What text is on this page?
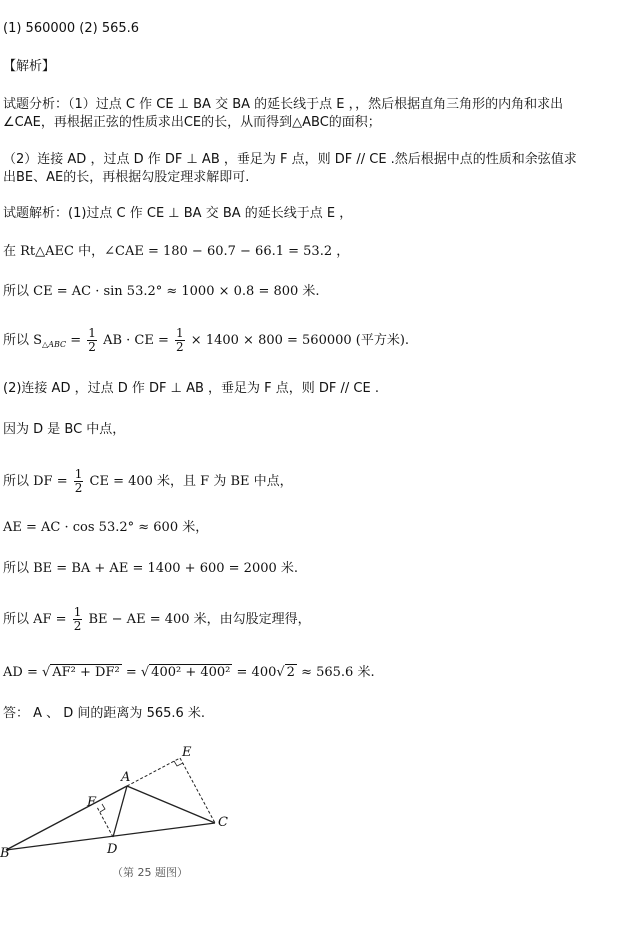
(1) 560000 (2) 565.6
【解析】
试题分析：（1）过点 C 作 CE ⊥ BA 交 BA 的延长线于点 E ，，然后根据直角三角形的内角和求出
∠CAE，再根据正弦的性质求出CE的长，从而得到△ABC的面积；
（2）连接 AD ，过点 D 作 DF ⊥ AB ，垂足为 F 点，则 DF // CE .然后根据中点的性质和余弦值求
出BE、AE的长，再根据勾股定理求解即可.
试题解析：(1)过点 C 作 CE ⊥ BA 交 BA 的延长线于点 E ，
在 Rt△AEC 中，∠CAE = 180 − 60.7 − 66.1 = 53.2 ，
所以 CE = AC · sin 53.2° ≈ 1000 × 0.8 = 800 米.
所以 $S_{\triangle ABC} = \frac{1}{2}$ AB · CE = $\frac{1}{2} \times 1400 \times 800 = 560000$ (平方米).
(2)连接 AD ，过点 D 作 DF ⊥ AB ，垂足为 F 点，则 DF // CE .
因为 D 是 BC 中点，
所以 DF = $\frac{1}{2}$ CE = 400 米，且 F 为 BE 中点，
AE = AC · cos 53.2° ≈ 600 米，
所以 BE = BA + AE = 1400 + 600 = 2000 米.
所以 AF = $\frac{1}{2}$ BE − AE = 400 米，由勾股定理得，
AD = √ AF² + DF² = √ 400² + 400² = 400√ 2 ≈ 565.6 米.
答： A 、 D 间的距离为 565.6 米.
A
B
C
D
E
F
（第 25 题图）
